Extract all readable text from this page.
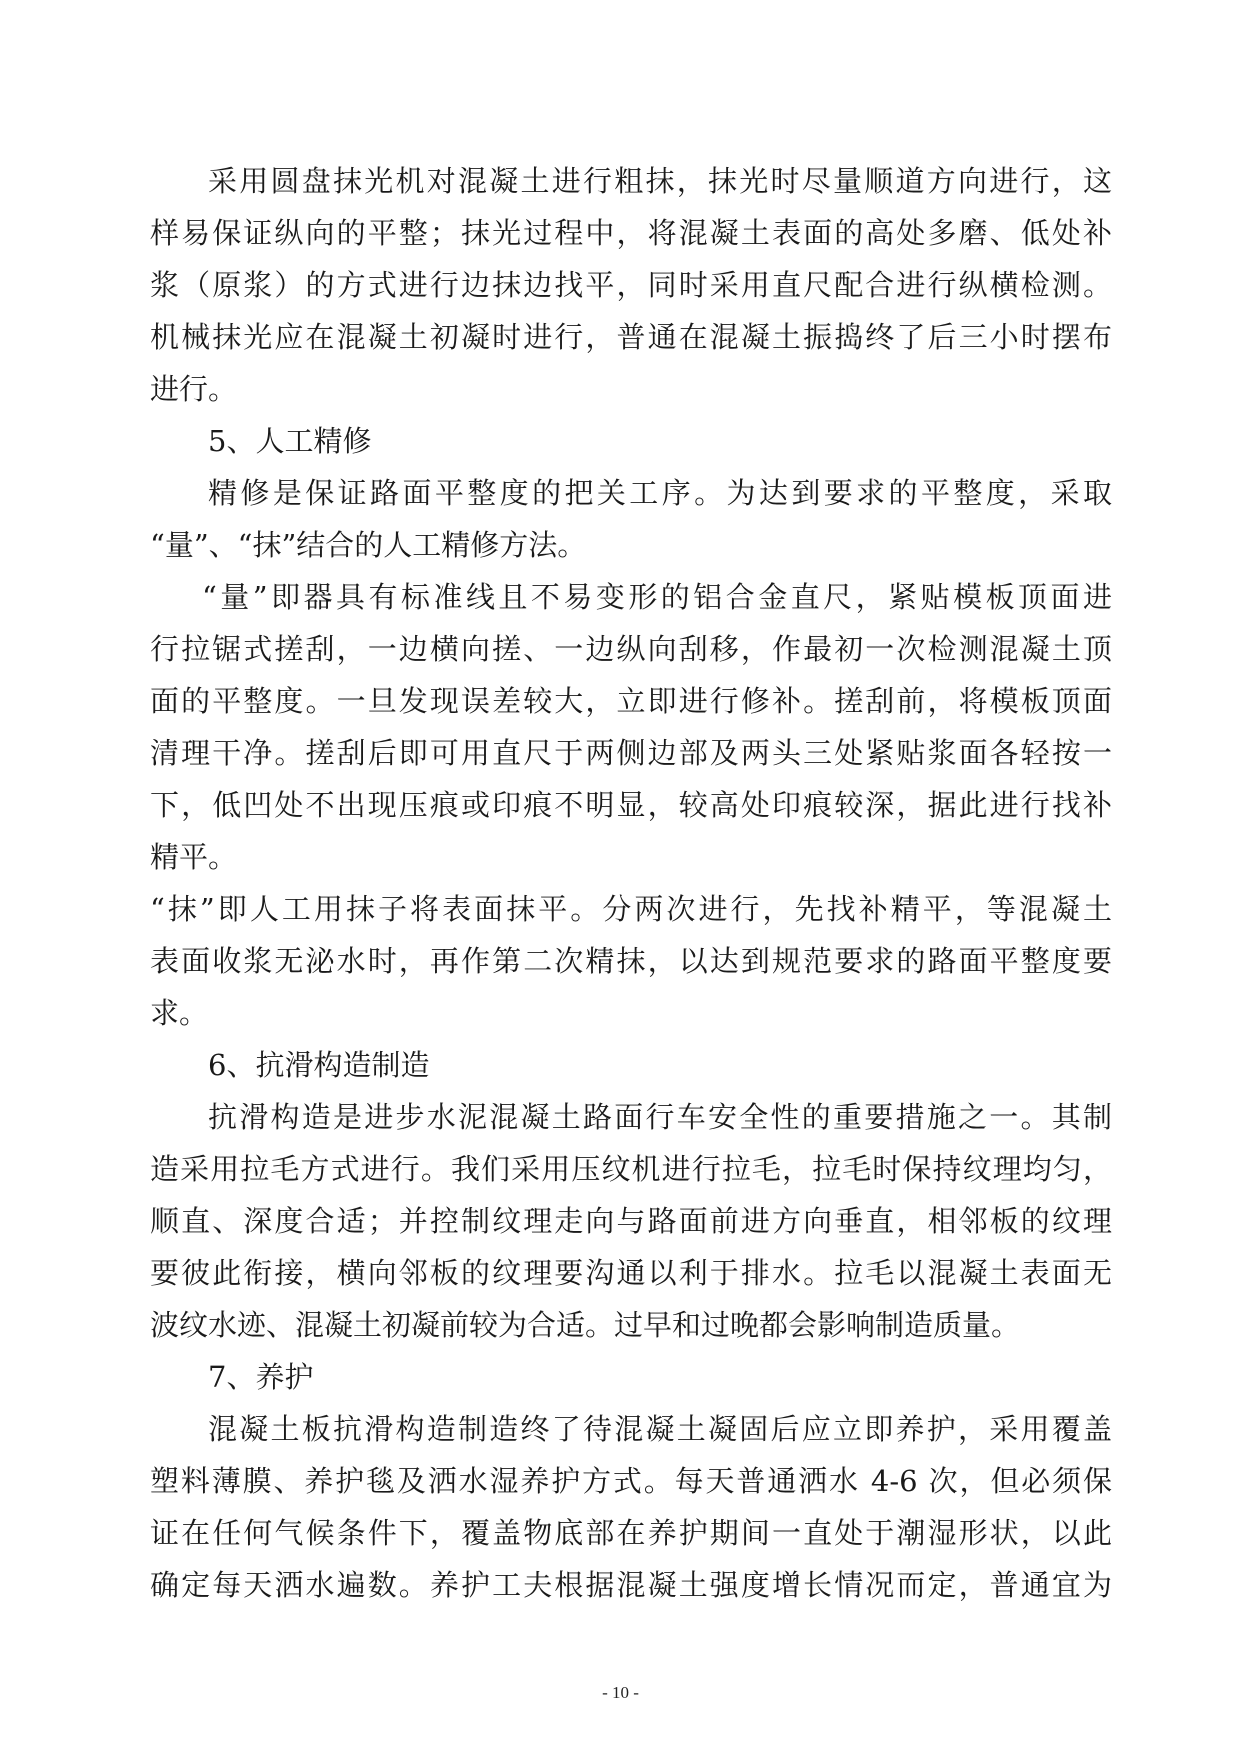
采用圆盘抹光机对混凝土进行粗抹，抹光时尽量顺道方向进行，这
样易保证纵向的平整；抹光过程中，将混凝土表面的高处多磨、低处补
浆（原浆）的方式进行边抹边找平，同时采用直尺配合进行纵横检测。
机械抹光应在混凝土初凝时进行，普通在混凝土振捣终了后三小时摆布
进行。
5、人工精修
精修是保证路面平整度的把关工序。为达到要求的平整度，采取
“量”、“抹”结合的人工精修方法。
“量”即器具有标准线且不易变形的铝合金直尺，紧贴模板顶面进
行拉锯式搓刮，一边横向搓、一边纵向刮移，作最初一次检测混凝土顶
面的平整度。一旦发现误差较大，立即进行修补。搓刮前，将模板顶面
清理干净。搓刮后即可用直尺于两侧边部及两头三处紧贴浆面各轻按一
下，低凹处不出现压痕或印痕不明显，较高处印痕较深，据此进行找补
精平。
“抹”即人工用抹子将表面抹平。分两次进行，先找补精平，等混凝土
表面收浆无泌水时，再作第二次精抹，以达到规范要求的路面平整度要
求。
6、抗滑构造制造
抗滑构造是进步水泥混凝土路面行车安全性的重要措施之一。其制
造采用拉毛方式进行。我们采用压纹机进行拉毛，拉毛时保持纹理均匀，
顺直、深度合适；并控制纹理走向与路面前进方向垂直，相邻板的纹理
要彼此衔接，横向邻板的纹理要沟通以利于排水。拉毛以混凝土表面无
波纹水迹、混凝土初凝前较为合适。过早和过晚都会影响制造质量。
7、养护
混凝土板抗滑构造制造终了待混凝土凝固后应立即养护，采用覆盖
塑料薄膜、养护毯及洒水湿养护方式。每天普通洒水 4-6 次，但必须保
证在任何气候条件下，覆盖物底部在养护期间一直处于潮湿形状，以此
确定每天洒水遍数。养护工夫根据混凝土强度增长情况而定，普通宜为
- 10 -
